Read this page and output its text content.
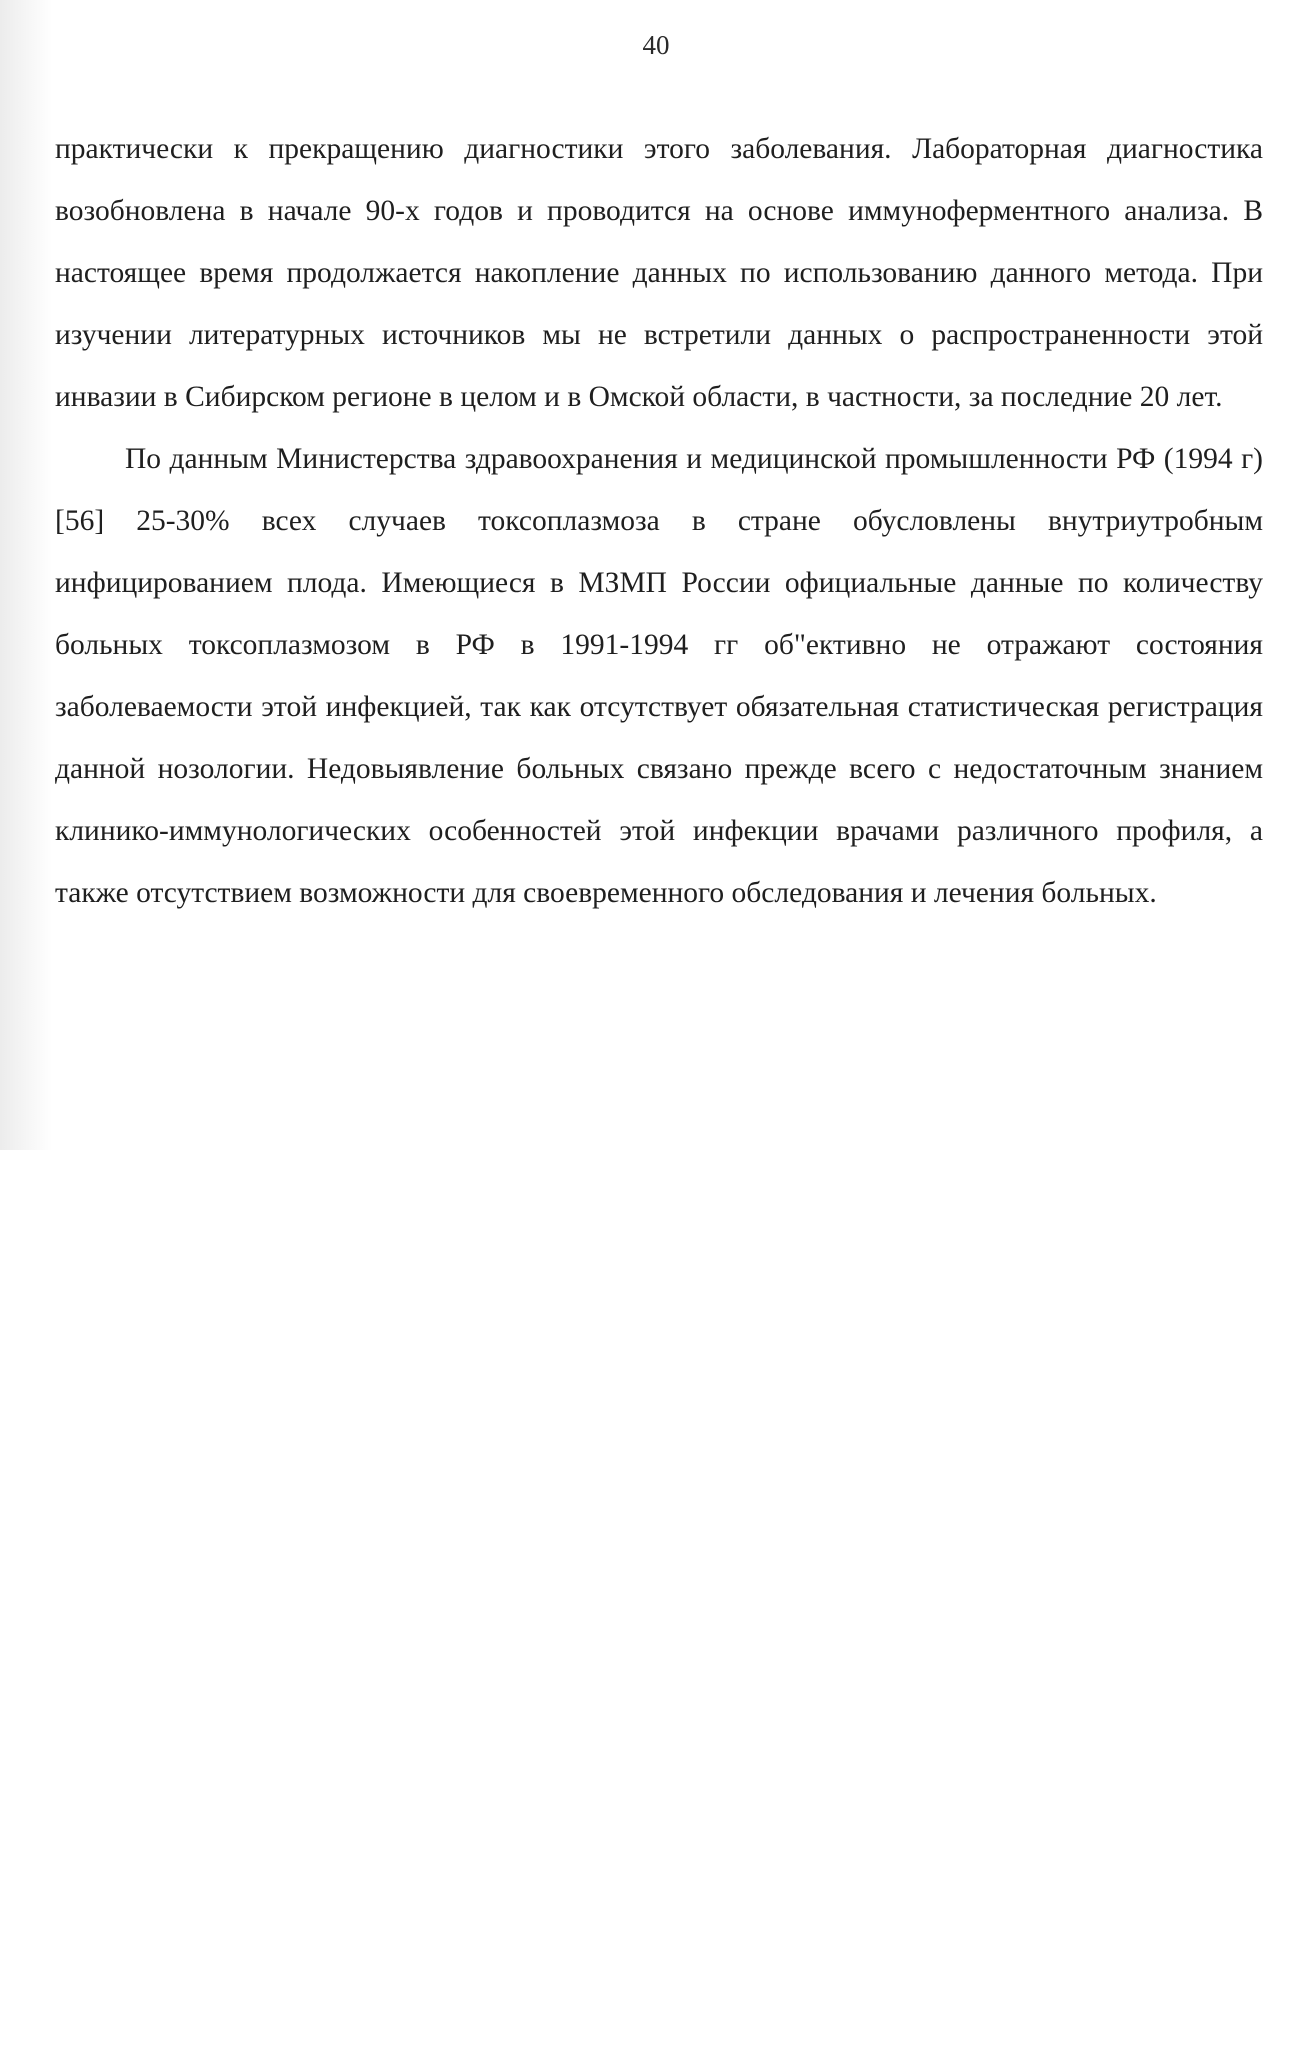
40

практически к прекращению диагностики этого заболевания. Лабораторная диагностика возобновлена в начале 90-х годов и проводится на основе иммуноферментного анализа. В настоящее время продолжается накопление данных по использованию данного метода. При изучении литературных источников мы не встретили данных о распространенности этой инвазии в Сибирском регионе в целом и в Омской области, в частности, за последние 20 лет.

По данным Министерства здравоохранения и медицинской промышленности РФ (1994 г) [56] 25-30% всех случаев токсоплазмоза в стране обусловлены внутриутробным инфицированием плода. Имеющиеся в МЗМП России официальные данные по количеству больных токсоплазмозом в РФ в 1991-1994 гг об"ективно не отражают состояния заболеваемости этой инфекцией, так как отсутствует обязательная статистическая регистрация данной нозологии. Недовыявление больных связано прежде всего с недостаточным знанием клинико-иммунологических особенностей этой инфекции врачами различного профиля, а также отсутствием возможности для своевременного обследования и лечения больных.
